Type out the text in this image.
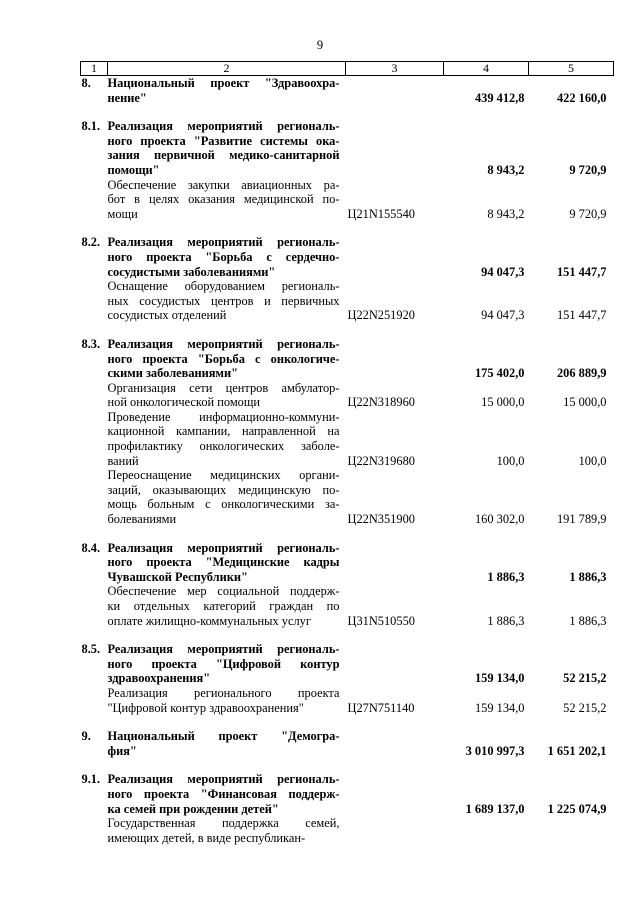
9
1	2	3	4	5
8.	Национальный проект "Здравоохра-
нение"		439 412,8	422 160,0

8.1.	Реализация мероприятий региональ-
ного проекта "Развитие системы ока-
зания первичной медико-санитарной
помощи"		8 943,2	9 720,9

	Обеспечение закупки авиационных ра-
бот в целях оказания медицинской по-
мощи	Ц21N155540	8 943,2	9 720,9

8.2.	Реализация мероприятий региональ-
ного проекта "Борьба с сердечно-
сосудистыми заболеваниями"		94 047,3	151 447,7

	Оснащение оборудованием региональ-
ных сосудистых центров и первичных
сосудистых отделений	Ц22N251920	94 047,3	151 447,7

8.3.	Реализация мероприятий региональ-
ного проекта "Борьба с онкологиче-
скими заболеваниями"		175 402,0	206 889,9

	Организация сети центров амбулатор-
ной онкологической помощи	Ц22N318960	15 000,0	15 000,0

	Проведение информационно-коммуни-
кационной кампании, направленной на
профилактику онкологических заболе-
ваний	Ц22N319680	100,0	100,0

	Переоснащение медицинских органи-
заций, оказывающих медицинскую по-
мощь больным с онкологическими за-
болеваниями	Ц22N351900	160 302,0	191 789,9

8.4.	Реализация мероприятий региональ-
ного проекта "Медицинские кадры
Чувашской Республики"		1 886,3	1 886,3

	Обеспечение мер социальной поддерж-
ки отдельных категорий граждан по
оплате жилищно-коммунальных услуг	Ц31N510550	1 886,3	1 886,3

8.5.	Реализация мероприятий региональ-
ного проекта "Цифровой контур
здравоохранения"		159 134,0	52 215,2

	Реализация регионального проекта
"Цифровой контур здравоохранения"	Ц27N751140	159 134,0	52 215,2

9.	Национальный проект "Демогра-
фия"		3 010 997,3	1 651 202,1

9.1.	Реализация мероприятий региональ-
ного проекта "Финансовая поддерж-
ка семей при рождении детей"		1 689 137,0	1 225 074,9

	Государственная поддержка семей,
имеющих детей, в виде республикан-			
